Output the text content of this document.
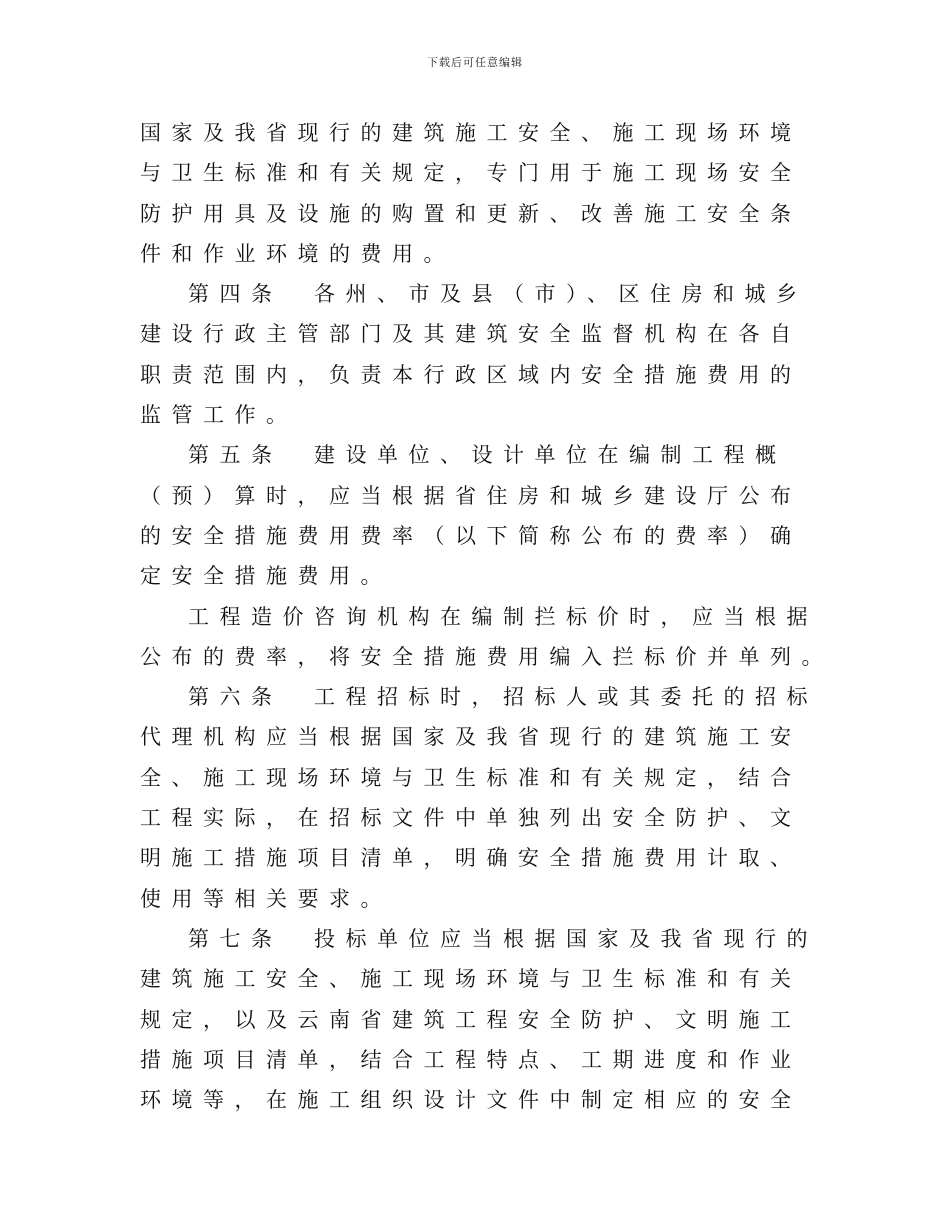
下载后可任意编辑
国家及我省现行的建筑施工安全、施工现场环境
与卫生标准和有关规定，专门用于施工现场安全
防护用具及设施的购置和更新、改善施工安全条
件和作业环境的费用。
第四条　各州、市及县（市）、区住房和城乡
建设行政主管部门及其建筑安全监督机构在各自
职责范围内，负责本行政区域内安全措施费用的
监管工作。
第五条　建设单位、设计单位在编制工程概
（预）算时，应当根据省住房和城乡建设厅公布
的安全措施费用费率（以下简称公布的费率）确
定安全措施费用。
工程造价咨询机构在编制拦标价时，应当根据
公布的费率，将安全措施费用编入拦标价并单列。
第六条　工程招标时，招标人或其委托的招标
代理机构应当根据国家及我省现行的建筑施工安
全、施工现场环境与卫生标准和有关规定，结合
工程实际，在招标文件中单独列出安全防护、文
明施工措施项目清单，明确安全措施费用计取、
使用等相关要求。
第七条　投标单位应当根据国家及我省现行的
建筑施工安全、施工现场环境与卫生标准和有关
规定，以及云南省建筑工程安全防护、文明施工
措施项目清单，结合工程特点、工期进度和作业
环境等，在施工组织设计文件中制定相应的安全
